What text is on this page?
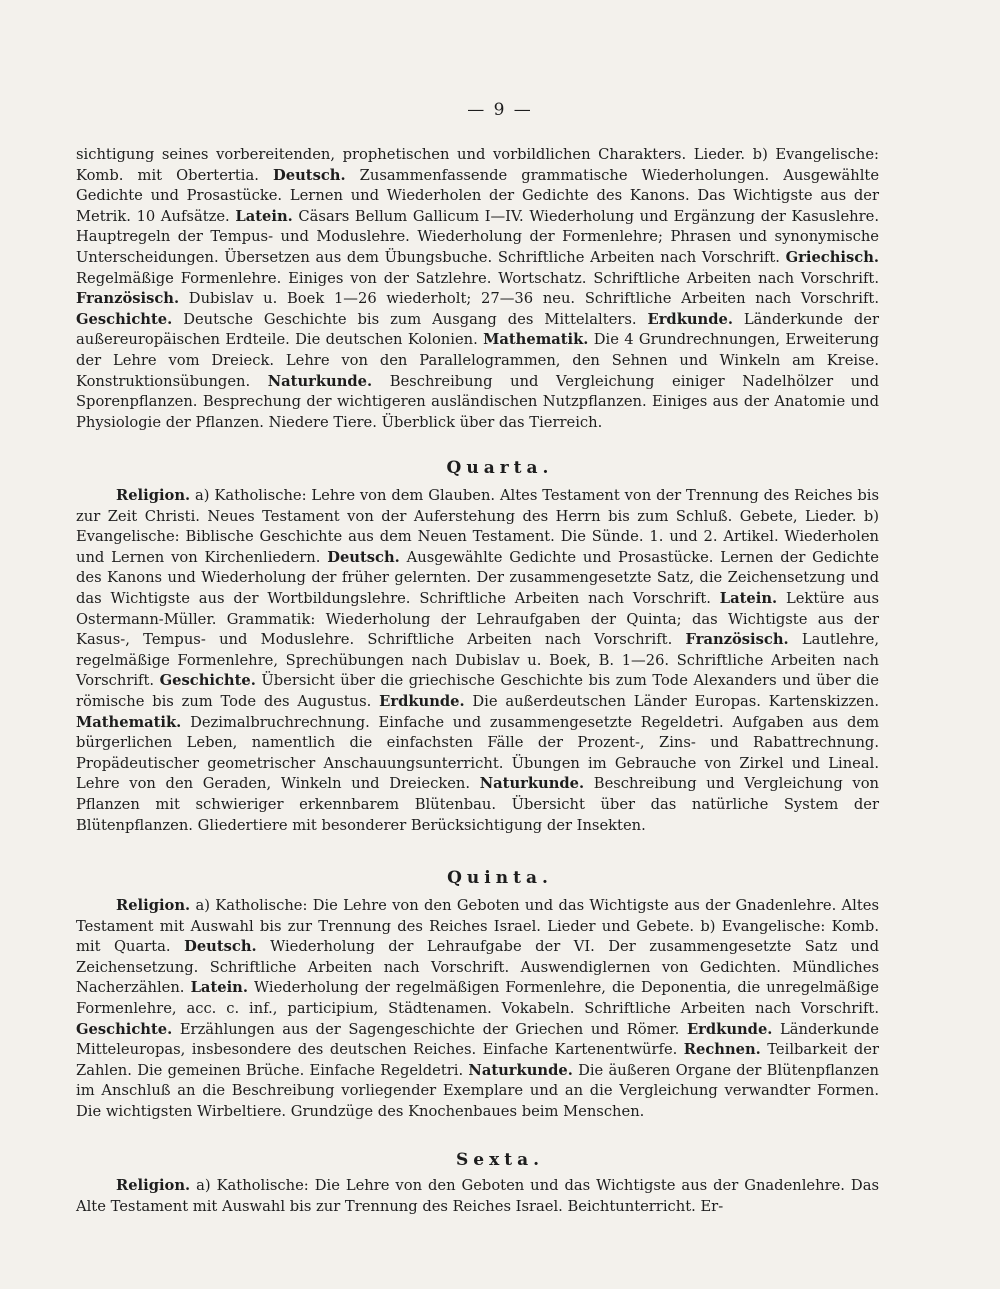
— 9 —

sichtigung seines vorbereitenden, prophetischen und vorbildlichen Charakters. Lieder. b) Evangelische: Komb. mit Obertertia. Deutsch. Zusammenfassende grammatische Wiederholungen. Ausgewählte Gedichte und Prosastücke. Lernen und Wiederholen der Gedichte des Kanons. Das Wichtigste aus der Metrik. 10 Aufsätze. Latein. Cäsars Bellum Gallicum I—IV. Wiederholung und Ergänzung der Kasuslehre. Hauptregeln der Tempus- und Moduslehre. Wiederholung der Formenlehre; Phrasen und synonymische Unterscheidungen. Übersetzen aus dem Übungsbuche. Schriftliche Arbeiten nach Vorschrift. Griechisch. Regelmäßige Formenlehre. Einiges von der Satzlehre. Wortschatz. Schriftliche Arbeiten nach Vorschrift. Französisch. Dubislav u. Boek 1—26 wiederholt; 27—36 neu. Schriftliche Arbeiten nach Vorschrift. Geschichte. Deutsche Geschichte bis zum Ausgang des Mittelalters. Erdkunde. Länderkunde der außereuropäischen Erdteile. Die deutschen Kolonien. Mathematik. Die 4 Grundrechnungen, Erweiterung der Lehre vom Dreieck. Lehre von den Parallelogrammen, den Sehnen und Winkeln am Kreise. Konstruktionsübungen. Naturkunde. Beschreibung und Vergleichung einiger Nadelhölzer und Sporenpflanzen. Besprechung der wichtigeren ausländischen Nutzpflanzen. Einiges aus der Anatomie und Physiologie der Pflanzen. Niedere Tiere. Überblick über das Tierreich.

Quarta.

Religion. a) Katholische: Lehre von dem Glauben. Altes Testament von der Trennung des Reiches bis zur Zeit Christi. Neues Testament von der Auferstehung des Herrn bis zum Schluß. Gebete, Lieder. b) Evangelische: Biblische Geschichte aus dem Neuen Testament. Die Sünde. 1. und 2. Artikel. Wiederholen und Lernen von Kirchenliedern. Deutsch. Ausgewählte Gedichte und Prosastücke. Lernen der Gedichte des Kanons und Wiederholung der früher gelernten. Der zusammengesetzte Satz, die Zeichensetzung und das Wichtigste aus der Wortbildungslehre. Schriftliche Arbeiten nach Vorschrift. Latein. Lektüre aus Ostermann-Müller. Grammatik: Wiederholung der Lehraufgaben der Quinta; das Wichtigste aus der Kasus-, Tempus- und Moduslehre. Schriftliche Arbeiten nach Vorschrift. Französisch. Lautlehre, regelmäßige Formenlehre, Sprechübungen nach Dubislav u. Boek, B. 1—26. Schriftliche Arbeiten nach Vorschrift. Geschichte. Übersicht über die griechische Geschichte bis zum Tode Alexanders und über die römische bis zum Tode des Augustus. Erdkunde. Die außerdeutschen Länder Europas. Kartenskizzen. Mathematik. Dezimalbruchrechnung. Einfache und zusammengesetzte Regeldetri. Aufgaben aus dem bürgerlichen Leben, namentlich die einfachsten Fälle der Prozent-, Zins- und Rabattrechnung. Propädeutischer geometrischer Anschauungsunterricht. Übungen im Gebrauche von Zirkel und Lineal. Lehre von den Geraden, Winkeln und Dreiecken. Naturkunde. Beschreibung und Vergleichung von Pflanzen mit schwieriger erkennbarem Blütenbau. Übersicht über das natürliche System der Blütenpflanzen. Gliedertiere mit besonderer Berücksichtigung der Insekten.

Quinta.

Religion. a) Katholische: Die Lehre von den Geboten und das Wichtigste aus der Gnadenlehre. Altes Testament mit Auswahl bis zur Trennung des Reiches Israel. Lieder und Gebete. b) Evangelische: Komb. mit Quarta. Deutsch. Wiederholung der Lehraufgabe der VI. Der zusammengesetzte Satz und Zeichensetzung. Schriftliche Arbeiten nach Vorschrift. Auswendiglernen von Gedichten. Mündliches Nacherzählen. Latein. Wiederholung der regelmäßigen Formenlehre, die Deponentia, die unregelmäßige Formenlehre, acc. c. inf., participium, Städtenamen. Vokabeln. Schriftliche Arbeiten nach Vorschrift. Geschichte. Erzählungen aus der Sagengeschichte der Griechen und Römer. Erdkunde. Länderkunde Mitteleuropas, insbesondere des deutschen Reiches. Einfache Kartenentwürfe. Rechnen. Teilbarkeit der Zahlen. Die gemeinen Brüche. Einfache Regeldetri. Naturkunde. Die äußeren Organe der Blütenpflanzen im Anschluß an die Beschreibung vorliegender Exemplare und an die Vergleichung verwandter Formen. Die wichtigsten Wirbeltiere. Grundzüge des Knochenbaues beim Menschen.

Sexta.

Religion. a) Katholische: Die Lehre von den Geboten und das Wichtigste aus der Gnadenlehre. Das Alte Testament mit Auswahl bis zur Trennung des Reiches Israel. Beichtunterricht. Er-
